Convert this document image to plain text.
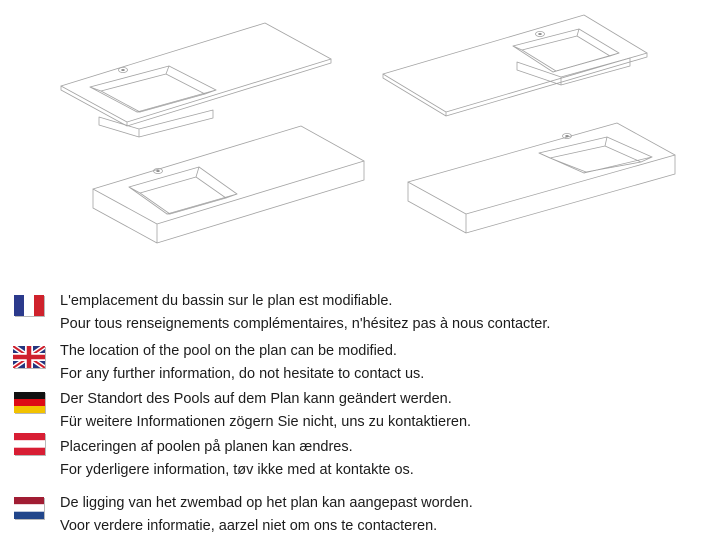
L'emplacement du bassin sur le plan est modifiable.
Pour tous renseignements complémentaires, n'hésitez pas à nous contacter.
The location of the pool on the plan can be modified.
For any further information, do not hesitate to contact us.
Der Standort des Pools auf dem Plan kann geändert werden.
Für weitere Informationen zögern Sie nicht, uns zu kontaktieren.
Placeringen af poolen på planen kan ændres.
For yderligere information, tøv ikke med at kontakte os.
De ligging van het zwembad op het plan kan aangepast worden.
Voor verdere informatie, aarzel niet om ons te contacteren.
